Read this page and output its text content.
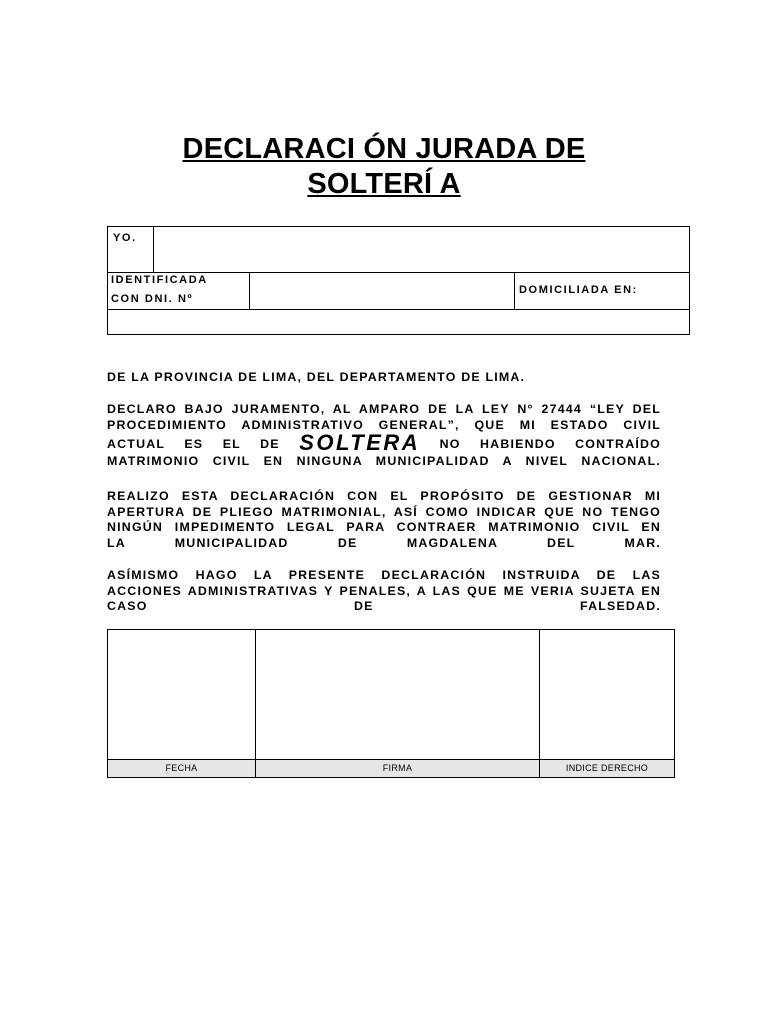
DECLARACI ÓN JURADA DE
SOLTERÍ A
YO.
IDENTIFICADA
CON DNI. Nº
DOMICILIADA EN:
DE LA PROVINCIA DE LIMA, DEL DEPARTAMENTO DE LIMA.
DECLARO BAJO JURAMENTO, AL AMPARO DE LA LEY N° 27444 “LEY DEL
PROCEDIMIENTO ADMINISTRATIVO GENERAL”, QUE MI ESTADO CIVIL
ACTUAL ES EL DE SOLTERA NO HABIENDO CONTRAÍDO
MATRIMONIO CIVIL EN NINGUNA MUNICIPALIDAD A NIVEL NACIONAL.
REALIZO ESTA DECLARACIÓN CON EL PROPÓSITO DE GESTIONAR MI
APERTURA DE PLIEGO MATRIMONIAL, ASÍ COMO INDICAR QUE NO TENGO
NINGÚN IMPEDIMENTO LEGAL PARA CONTRAER MATRIMONIO CIVIL EN
LA MUNICIPALIDAD DE MAGDALENA DEL MAR.
ASÍMISMO HAGO LA PRESENTE DECLARACIÓN INSTRUIDA DE LAS
ACCIONES ADMINISTRATIVAS Y PENALES, A LAS QUE ME VERIA SUJETA EN
CASO DE FALSEDAD.
FECHA	FIRMA	INDICE DERECHO
